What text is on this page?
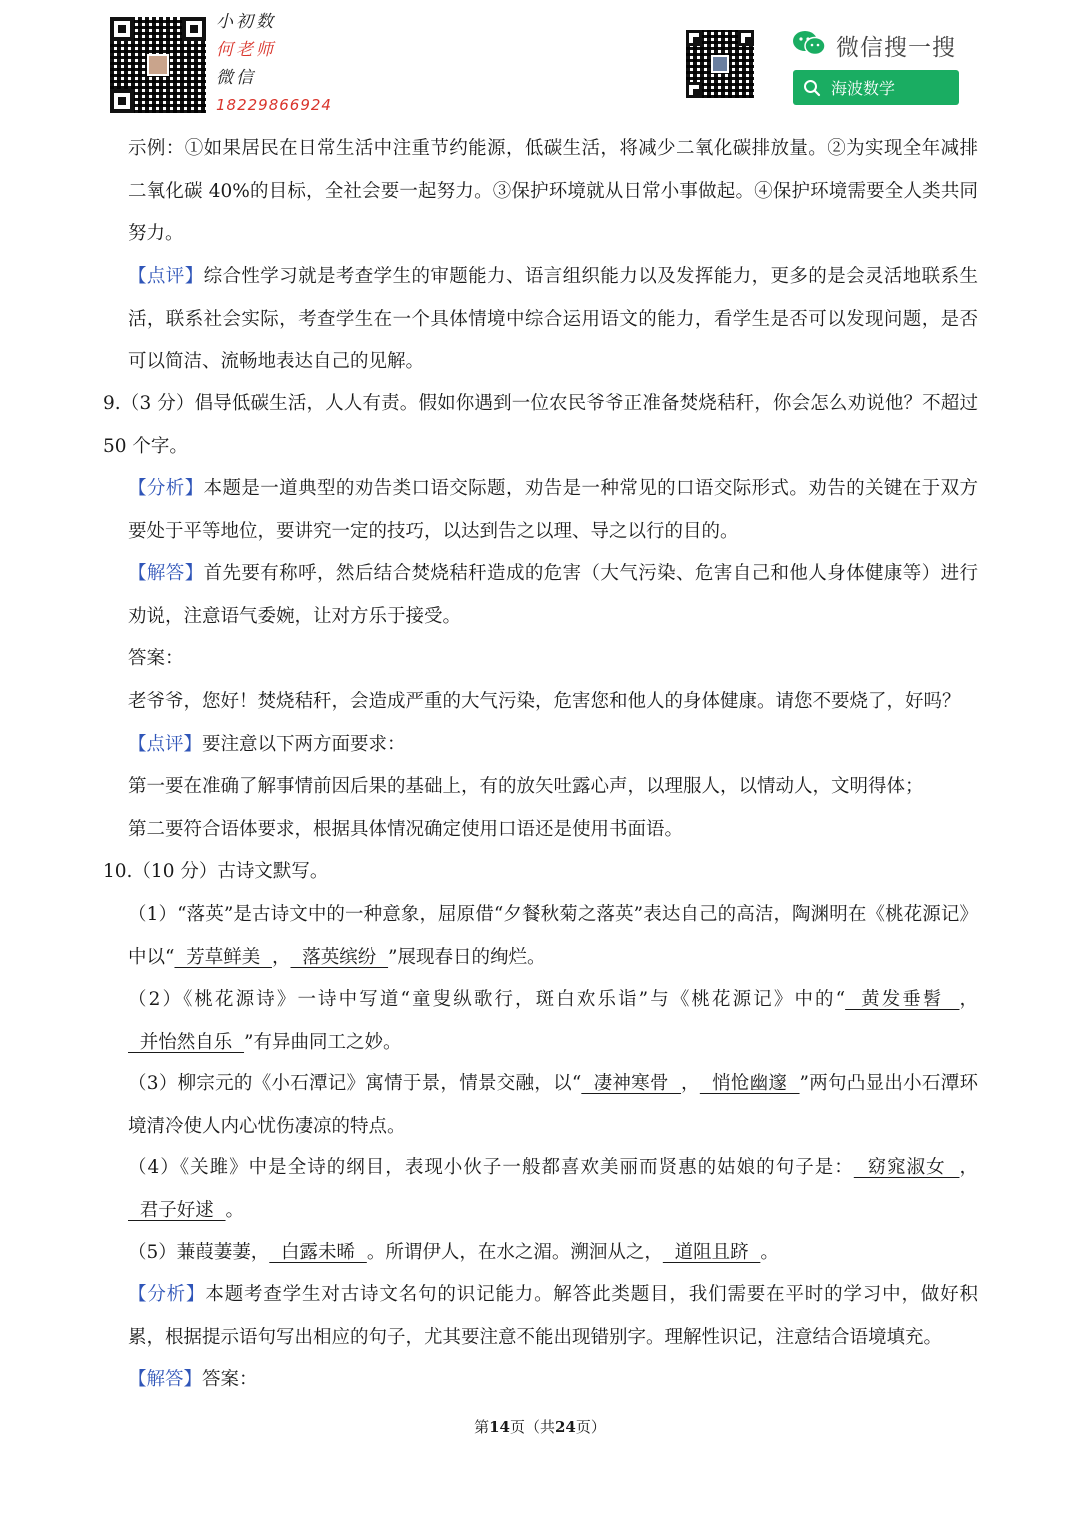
小初数
何老师
微信
18229866924
微信搜一搜
海波数学

示例：①如果居民在日常生活中注重节约能源，低碳生活，将减少二氧化碳排放量。②为实现全年减排二氧化碳 40%的目标，全社会要一起努力。③保护环境就从日常小事做起。④保护环境需要全人类共同努力。

【点评】综合性学习就是考查学生的审题能力、语言组织能力以及发挥能力，更多的是会灵活地联系生活，联系社会实际，考查学生在一个具体情境中综合运用语文的能力，看学生是否可以发现问题，是否可以简洁、流畅地表达自己的见解。

9.（3 分）倡导低碳生活，人人有责。假如你遇到一位农民爷爷正准备焚烧秸秆，你会怎么劝说他？不超过 50 个字。

【分析】本题是一道典型的劝告类口语交际题，劝告是一种常见的口语交际形式。劝告的关键在于双方要处于平等地位，要讲究一定的技巧，以达到告之以理、导之以行的目的。

【解答】首先要有称呼，然后结合焚烧秸秆造成的危害（大气污染、危害自己和他人身体健康等）进行劝说，注意语气委婉，让对方乐于接受。

答案：

老爷爷，您好！焚烧秸秆，会造成严重的大气污染，危害您和他人的身体健康。请您不要烧了，好吗？

【点评】要注意以下两方面要求：

第一要在准确了解事情前因后果的基础上，有的放矢吐露心声，以理服人，以情动人，文明得体；

第二要符合语体要求，根据具体情况确定使用口语还是使用书面语。

10.（10 分）古诗文默写。

（1）“落英”是古诗文中的一种意象，屈原借“夕餐秋菊之落英”表达自己的高洁，陶渊明在《桃花源记》中以“  芳草鲜美  ，  落英缤纷  ”展现春日的绚烂。

（2）《桃花源诗》一诗中写道“童叟纵歌行，斑白欢乐诣”与《桃花源记》中的“  黄发垂髫  ，  并怡然自乐  ”有异曲同工之妙。

（3）柳宗元的《小石潭记》寓情于景，情景交融，以“  凄神寒骨  ，  悄怆幽邃  ”两句凸显出小石潭环境清冷使人内心忧伤凄凉的特点。

（4）《关雎》中是全诗的纲目，表现小伙子一般都喜欢美丽而贤惠的姑娘的句子是：  窈窕淑女  ，  君子好逑  。

（5）蒹葭萋萋，  白露未晞  。所谓伊人，在水之湄。溯洄从之，  道阻且跻  。

【分析】本题考查学生对古诗文名句的识记能力。解答此类题目，我们需要在平时的学习中，做好积累，根据提示语句写出相应的句子，尤其要注意不能出现错别字。理解性识记，注意结合语境填充。

【解答】答案：

第14页（共24页）
